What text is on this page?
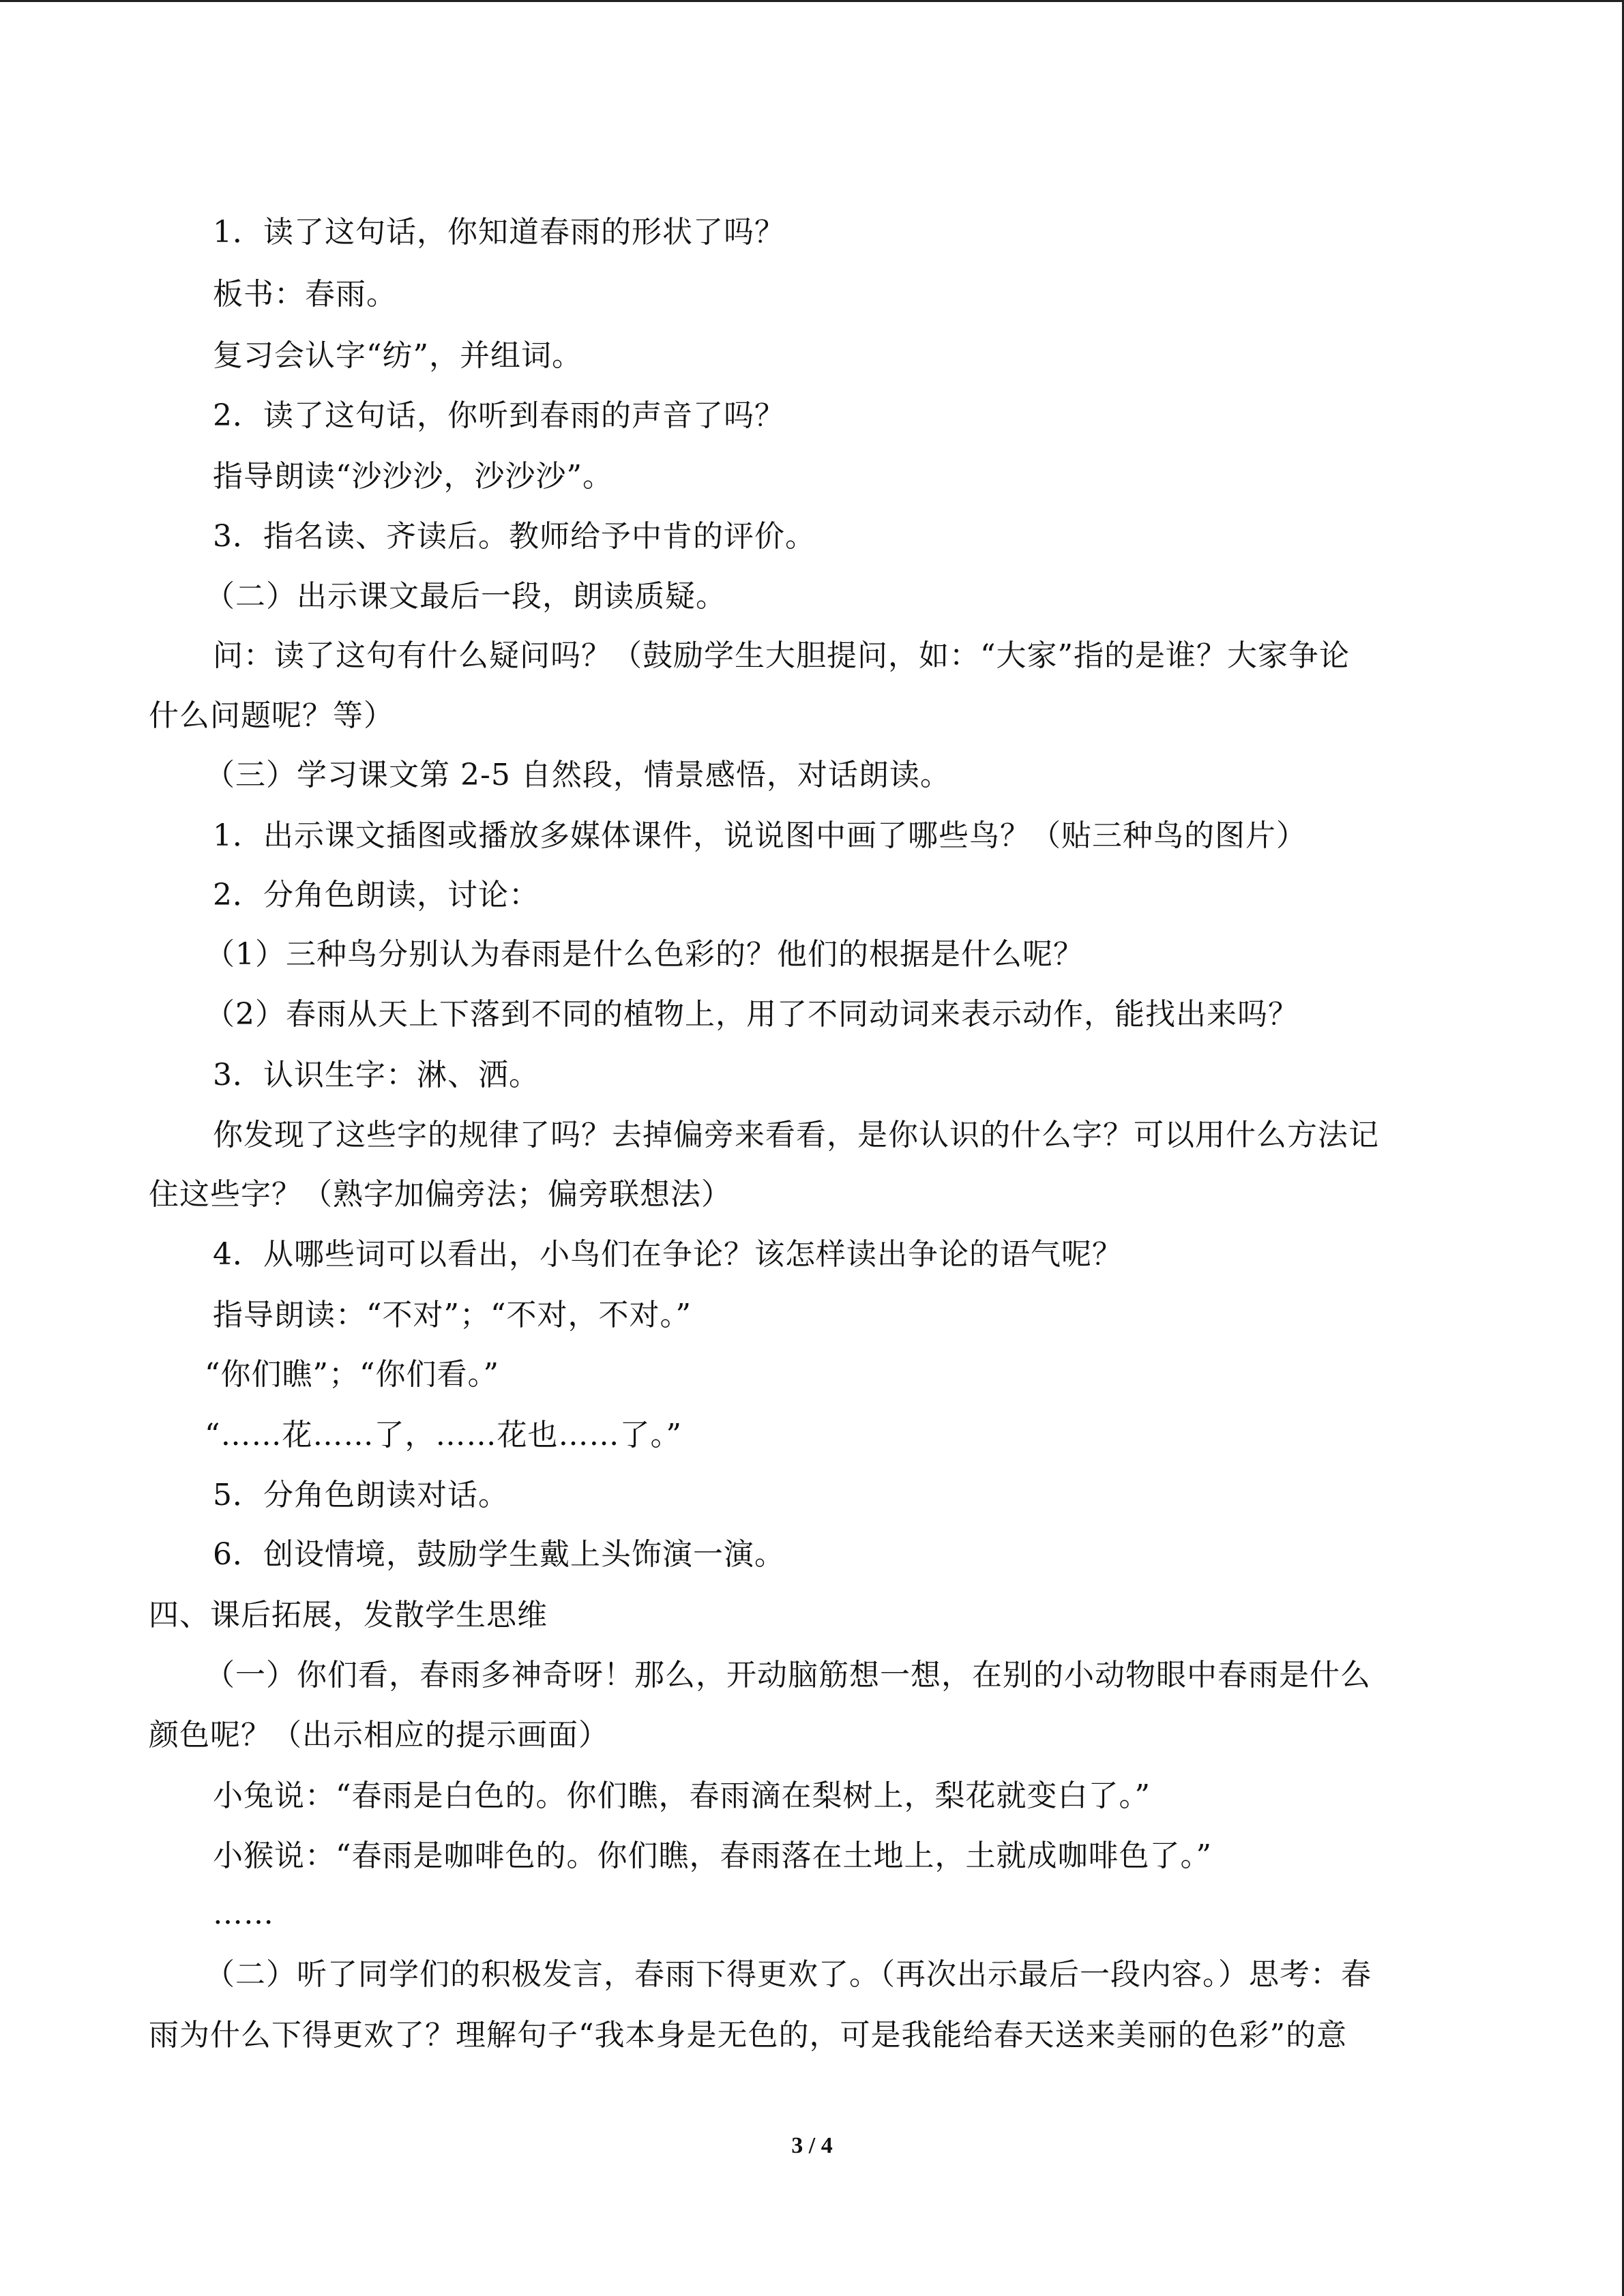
1．读了这句话，你知道春雨的形状了吗？
板书：春雨。
复习会认字“纺”，并组词。
2．读了这句话，你听到春雨的声音了吗？
指导朗读“沙沙沙，沙沙沙”。
3．指名读、齐读后。教师给予中肯的评价。
（二）出示课文最后一段，朗读质疑。
问：读了这句有什么疑问吗？（鼓励学生大胆提问，如：“大家”指的是谁？大家争论
什么问题呢？等）
（三）学习课文第 2-5 自然段，情景感悟，对话朗读。
1．出示课文插图或播放多媒体课件，说说图中画了哪些鸟？（贴三种鸟的图片）
2．分角色朗读，讨论：
（1）三种鸟分别认为春雨是什么色彩的？他们的根据是什么呢？
（2）春雨从天上下落到不同的植物上，用了不同动词来表示动作，能找出来吗？
3．认识生字：淋、洒。
你发现了这些字的规律了吗？去掉偏旁来看看，是你认识的什么字？可以用什么方法记
住这些字？（熟字加偏旁法；偏旁联想法）
4．从哪些词可以看出，小鸟们在争论？该怎样读出争论的语气呢？
指导朗读：“不对”；“不对，不对。”
“你们瞧”；“你们看。”
“……花……了，……花也……了。”
5．分角色朗读对话。
6．创设情境，鼓励学生戴上头饰演一演。
四、课后拓展，发散学生思维
（一）你们看，春雨多神奇呀！那么，开动脑筋想一想，在别的小动物眼中春雨是什么
颜色呢？（出示相应的提示画面）
小兔说：“春雨是白色的。你们瞧，春雨滴在梨树上，梨花就变白了。”
小猴说：“春雨是咖啡色的。你们瞧，春雨落在土地上，土就成咖啡色了。”
……
（二）听了同学们的积极发言，春雨下得更欢了。（再次出示最后一段内容。）思考：春
雨为什么下得更欢了？理解句子“我本身是无色的，可是我能给春天送来美丽的色彩”的意
3 / 4
